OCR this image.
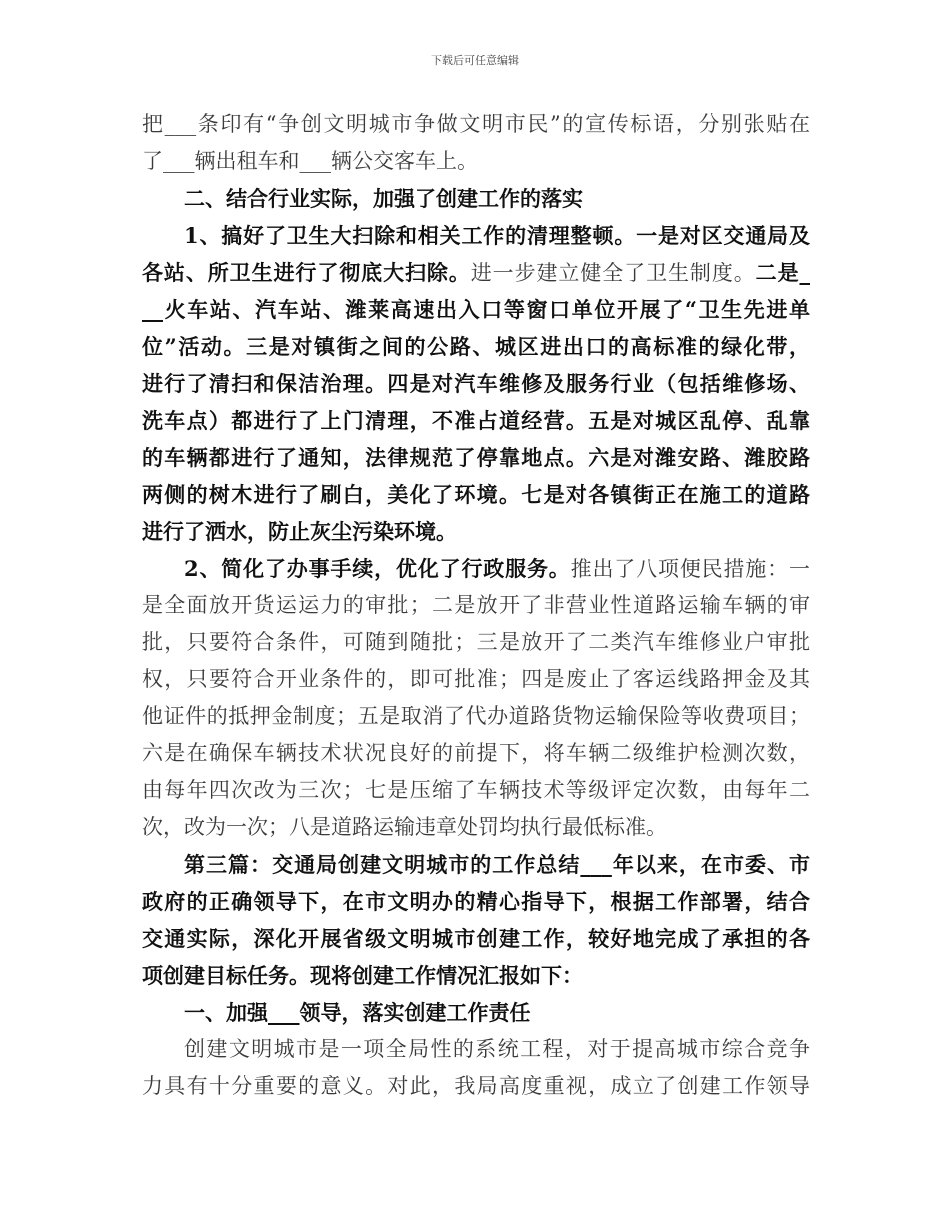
下载后可任意编辑
把___条印有“争创文明城市争做文明市民”的宣传标语，分别张贴在
了___辆出租车和___辆公交客车上。
二、结合行业实际，加强了创建工作的落实
1、搞好了卫生大扫除和相关工作的清理整顿。一是对区交通局及
各站、所卫生进行了彻底大扫除。进一步建立健全了卫生制度。二是_
__火车站、汽车站、潍莱高速出入口等窗口单位开展了“卫生先进单
位”活动。三是对镇街之间的公路、城区进出口的高标准的绿化带，
进行了清扫和保洁治理。四是对汽车维修及服务行业（包括维修场、
洗车点）都进行了上门清理，不准占道经营。五是对城区乱停、乱靠
的车辆都进行了通知，法律规范了停靠地点。六是对潍安路、潍胶路
两侧的树木进行了刷白，美化了环境。七是对各镇街正在施工的道路
进行了洒水，防止灰尘污染环境。
2、简化了办事手续，优化了行政服务。推出了八项便民措施：一
是全面放开货运运力的审批；二是放开了非营业性道路运输车辆的审
批，只要符合条件，可随到随批；三是放开了二类汽车维修业户审批
权，只要符合开业条件的，即可批准；四是废止了客运线路押金及其
他证件的抵押金制度；五是取消了代办道路货物运输保险等收费项目；
六是在确保车辆技术状况良好的前提下，将车辆二级维护检测次数，
由每年四次改为三次；七是压缩了车辆技术等级评定次数，由每年二
次，改为一次；八是道路运输违章处罚均执行最低标准。
第三篇：交通局创建文明城市的工作总结___年以来，在市委、市
政府的正确领导下，在市文明办的精心指导下，根据工作部署，结合
交通实际，深化开展省级文明城市创建工作，较好地完成了承担的各
项创建目标任务。现将创建工作情况汇报如下：
一、加强___领导，落实创建工作责任
创建文明城市是一项全局性的系统工程，对于提高城市综合竞争
力具有十分重要的意义。对此，我局高度重视，成立了创建工作领导
